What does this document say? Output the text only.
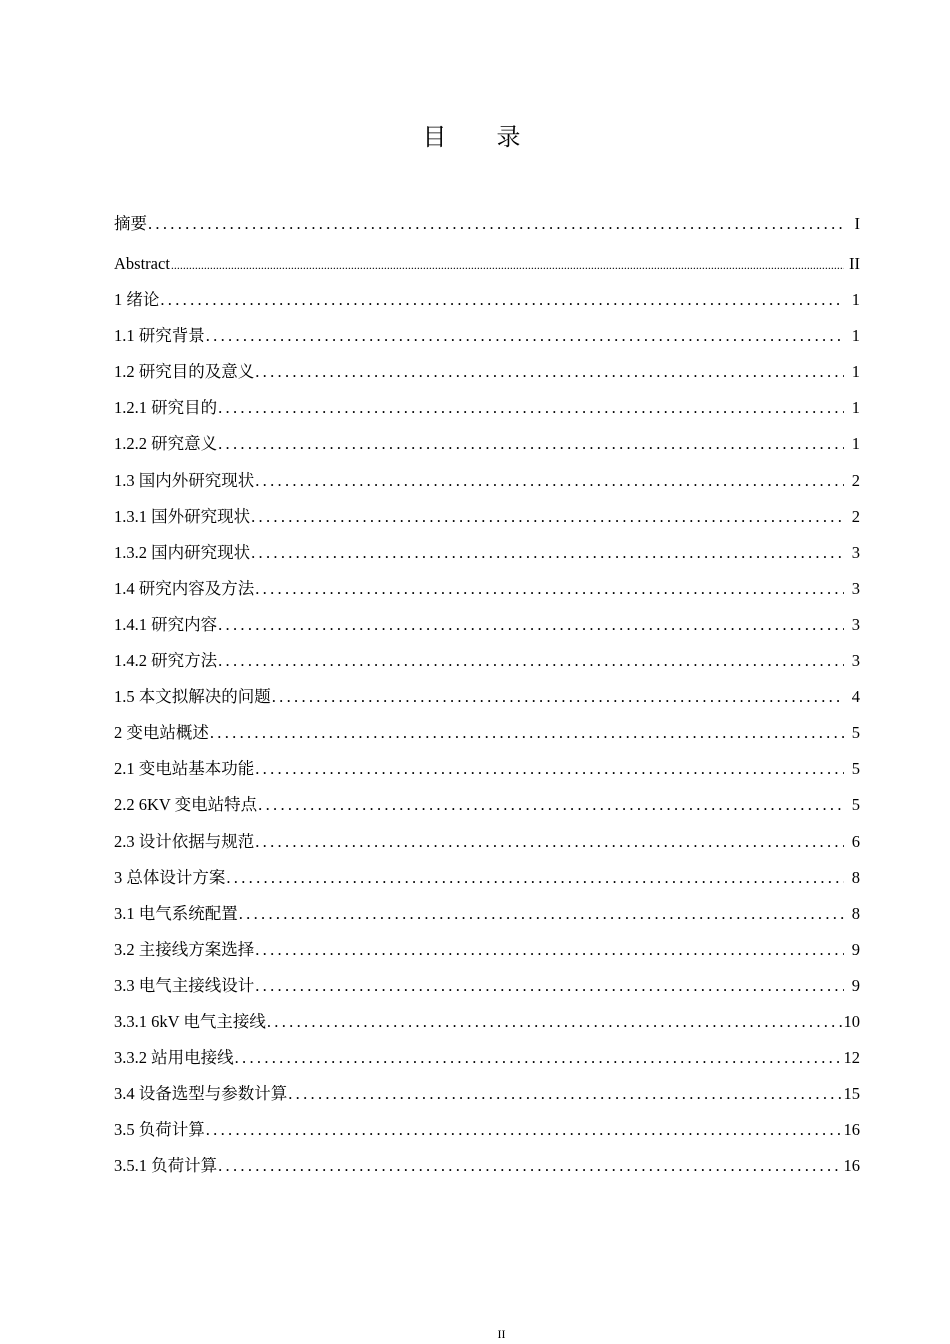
目 录
摘要 .....	I
Abstract .....	II
1 绪论 .....	1
1.1 研究背景 .....	1
1.2 研究目的及意义 .....	1
1.2.1 研究目的 .....	1
1.2.2 研究意义 .....	1
1.3 国内外研究现状 .....	2
1.3.1 国外研究现状 .....	2
1.3.2 国内研究现状 .....	3
1.4 研究内容及方法 .....	3
1.4.1 研究内容 .....	3
1.4.2 研究方法 .....	3
1.5 本文拟解决的问题 .....	4
2 变电站概述 .....	5
2.1 变电站基本功能 .....	5
2.2 6KV 变电站特点 .....	5
2.3 设计依据与规范 .....	6
3 总体设计方案 .....	8
3.1 电气系统配置 .....	8
3.2 主接线方案选择 .....	9
3.3 电气主接线设计 .....	9
3.3.1 6kV 电气主接线 .....	10
3.3.2 站用电接线 .....	12
3.4 设备选型与参数计算 .....	15
3.5 负荷计算 .....	16
3.5.1 负荷计算 .....	16
II
